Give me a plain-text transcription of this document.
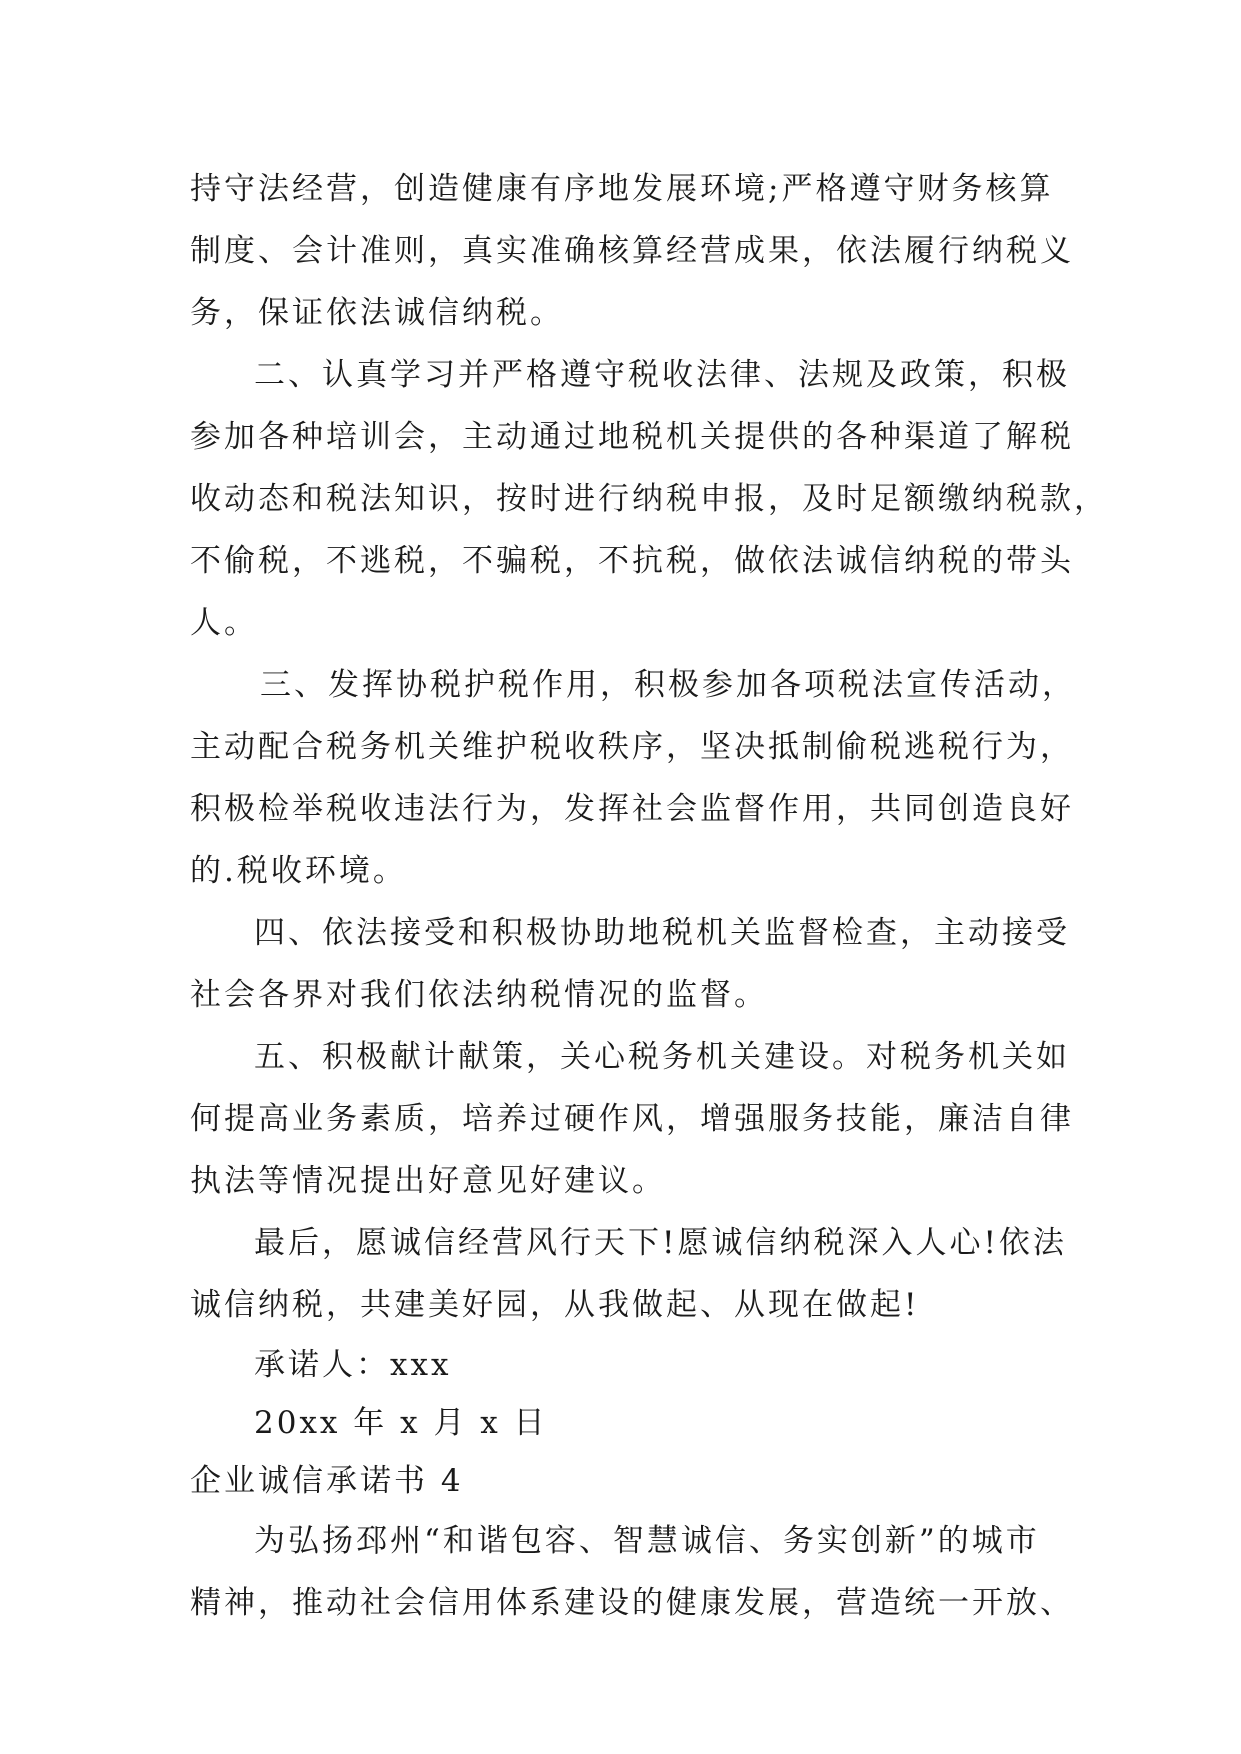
持守法经营，创造健康有序地发展环境;严格遵守财务核算
制度、会计准则，真实准确核算经营成果，依法履行纳税义
务，保证依法诚信纳税。
二、认真学习并严格遵守税收法律、法规及政策，积极
参加各种培训会，主动通过地税机关提供的各种渠道了解税
收动态和税法知识，按时进行纳税申报，及时足额缴纳税款，
不偷税，不逃税，不骗税，不抗税，做依法诚信纳税的带头
人。
三、发挥协税护税作用，积极参加各项税法宣传活动，
主动配合税务机关维护税收秩序，坚决抵制偷税逃税行为，
积极检举税收违法行为，发挥社会监督作用，共同创造良好
的.税收环境。
四、依法接受和积极协助地税机关监督检查，主动接受
社会各界对我们依法纳税情况的监督。
五、积极献计献策，关心税务机关建设。对税务机关如
何提高业务素质，培养过硬作风，增强服务技能，廉洁自律
执法等情况提出好意见好建议。
最后，愿诚信经营风行天下!愿诚信纳税深入人心!依法
诚信纳税，共建美好园，从我做起、从现在做起!
承诺人：xxx
20xx 年 x 月 x 日
企业诚信承诺书 4
为弘扬邳州“和谐包容、智慧诚信、务实创新”的城市
精神，推动社会信用体系建设的健康发展，营造统一开放、
